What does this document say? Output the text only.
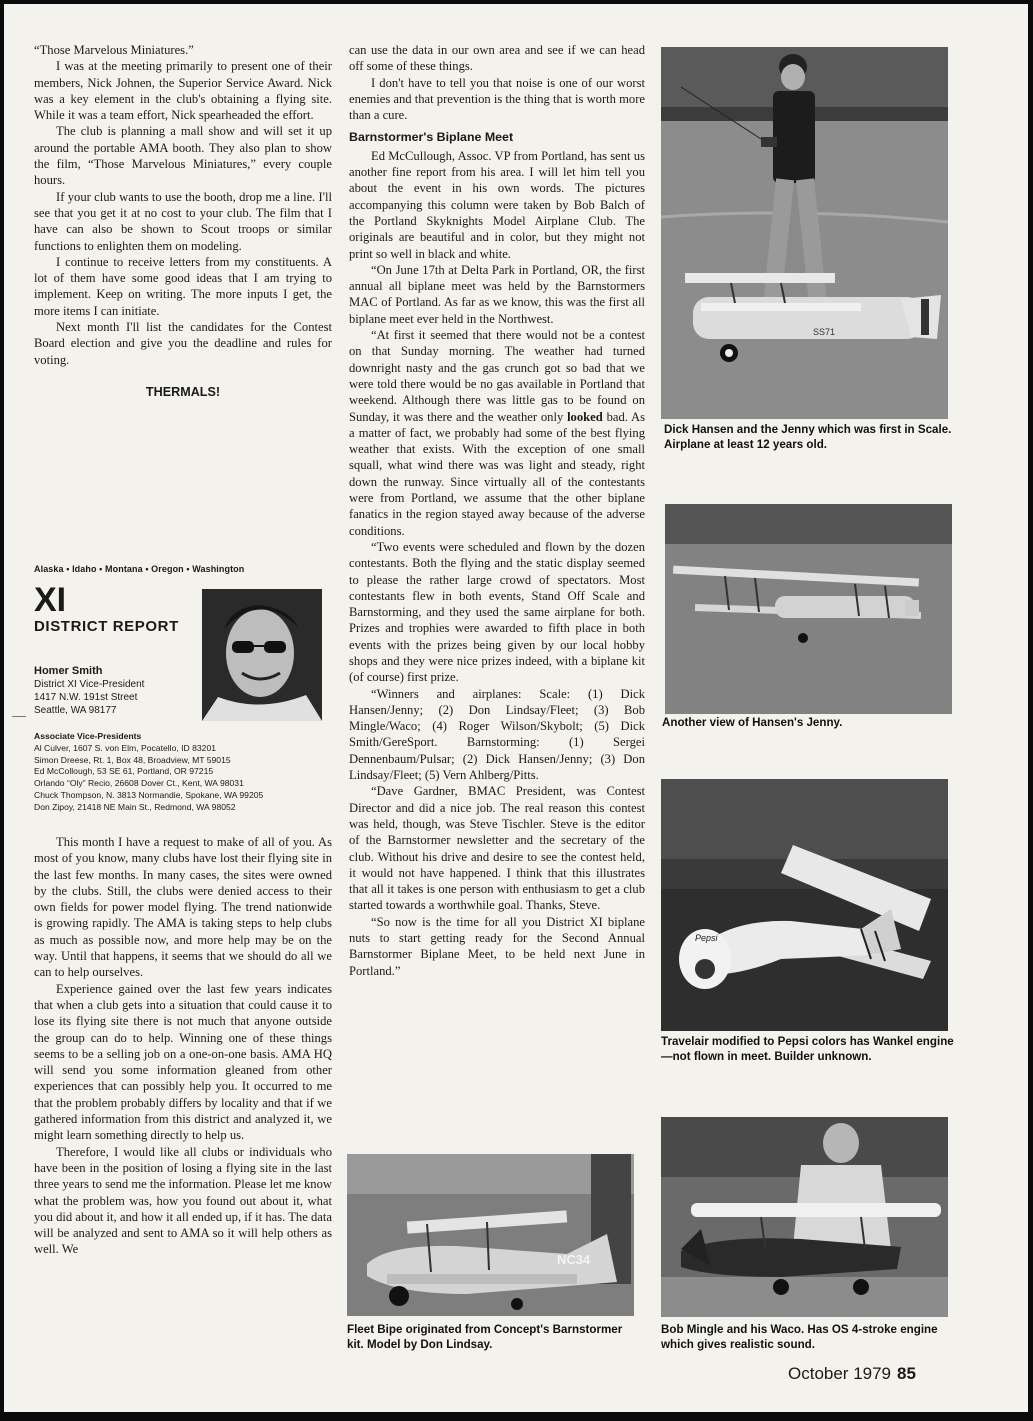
“Those Marvelous Miniatures.”

I was at the meeting primarily to present one of their members, Nick Johnen, the Superior Service Award. Nick was a key element in the club's obtaining a flying site. While it was a team effort, Nick spearheaded the effort.

The club is planning a mall show and will set it up around the portable AMA booth. They also plan to show the film, “Those Marvelous Miniatures,” every couple hours.

If your club wants to use the booth, drop me a line. I'll see that you get it at no cost to your club. The film that I have can also be shown to Scout troops or similar functions to enlighten them on modeling.

I continue to receive letters from my constituents. A lot of them have some good ideas that I am trying to implement. Keep on writing. The more inputs I get, the more items I can initiate.

Next month I'll list the candidates for the Contest Board election and give you the deadline and rules for voting.

THERMALS!
Alaska • Idaho • Montana • Oregon • Washington
XI
DISTRICT REPORT
Homer Smith
District XI Vice-President
1417 N.W. 191st Street
Seattle, WA 98177
Associate Vice-Presidents
Al Culver, 1607 S. von Elm, Pocatello, ID 83201
Simon Dreese, Rt. 1, Box 48, Broadview, MT 59015
Ed McCollough, 53 SE 61, Portland, OR 97215
Orlando “Oly” Recio, 26608 Dover Ct., Kent, WA 98031
Chuck Thompson, N. 3813 Normandie, Spokane, WA 99205
Don Zipoy, 21418 NE Main St., Redmond, WA 98052

This month I have a request to make of all of you. As most of you know, many clubs have lost their flying site in the last few months. In many cases, the sites were owned by the clubs. Still, the clubs were denied access to their own fields for power model flying. The trend nationwide is growing rapidly. The AMA is taking steps to help clubs as much as possible now, and more help may be on the way. Until that happens, it seems that we should do all we can to help ourselves.

Experience gained over the last few years indicates that when a club gets into a situation that could cause it to lose its flying site there is not much that anyone outside the group can do to help. Winning one of these things seems to be a selling job on a one-on-one basis. AMA HQ will send you some information gleaned from other experiences that can possibly help you. It occurred to me that the problem probably differs by locality and that if we gathered information from this district and analyzed it, we might learn something directly to help us.

Therefore, I would like all clubs or individuals who have been in the position of losing a flying site in the last three years to send me the information. Please let me know what the problem was, how you found out about it, what you did about it, and how it all ended up, if it has. The data will be analyzed and sent to AMA so it will help others as well. We

can use the data in our own area and see if we can head off some of these things.

I don't have to tell you that noise is one of our worst enemies and that prevention is the thing that is worth more than a cure.

Barnstormer's Biplane Meet

Ed McCullough, Assoc. VP from Portland, has sent us another fine report from his area. I will let him tell you about the event in his own words. The pictures accompanying this column were taken by Bob Balch of the Portland Skyknights Model Airplane Club. The originals are beautiful and in color, but they might not print so well in black and white.

“On June 17th at Delta Park in Portland, OR, the first annual all biplane meet was held by the Barnstormers MAC of Portland. As far as we know, this was the first all biplane meet ever held in the Northwest.

“At first it seemed that there would not be a contest on that Sunday morning. The weather had turned downright nasty and the gas crunch got so bad that we were told there would be no gas available in Portland that weekend. Although there was little gas to be found on Sunday, it was there and the weather only looked bad. As a matter of fact, we probably had some of the best flying weather that exists. With the exception of one small squall, what wind there was was light and steady, right down the runway. Since virtually all of the contestants were from Portland, we assume that the other biplane fanatics in the region stayed away because of the adverse conditions.

“Two events were scheduled and flown by the dozen contestants. Both the flying and the static display seemed to please the rather large crowd of spectators. Most contestants flew in both events, Stand Off Scale and Barnstorming, and they used the same airplane for both. Prizes and trophies were awarded to fifth place in both events with the prizes being given by our local hobby shops and they were nice prizes indeed, with a biplane kit (of course) first prize.

“Winners and airplanes: Scale: (1) Dick Hansen/Jenny; (2) Don Lindsay/Fleet; (3) Bob Mingle/Waco; (4) Roger Wilson/Skybolt; (5) Dick Smith/GereSport. Barnstorming: (1) Sergei Dennenbaum/Pulsar; (2) Dick Hansen/Jenny; (3) Don Lindsay/Fleet; (5) Vern Ahlberg/Pitts.

“Dave Gardner, BMAC President, was Contest Director and did a nice job. The real reason this contest was held, though, was Steve Tischler. Steve is the editor of the Barnstormer newsletter and the secretary of the club. Without his drive and desire to see the contest held, it would not have happened. I think that this illustrates that all it takes is one person with enthusiasm to get a club started towards a worthwhile goal. Thanks, Steve.

“So now is the time for all you District XI biplane nuts to start getting ready for the Second Annual Barnstormer Biplane Meet, to be held next June in Portland.”

SS71
Dick Hansen and the Jenny which was first in Scale. Airplane at least 12 years old.
Another view of Hansen's Jenny.
Pepsi
Travelair modified to Pepsi colors has Wankel engine—not flown in meet. Builder unknown.
NC34
Fleet Bipe originated from Concept's Barnstormer kit. Model by Don Lindsay.
Bob Mingle and his Waco. Has OS 4-stroke engine which gives realistic sound.
October 1979 85
